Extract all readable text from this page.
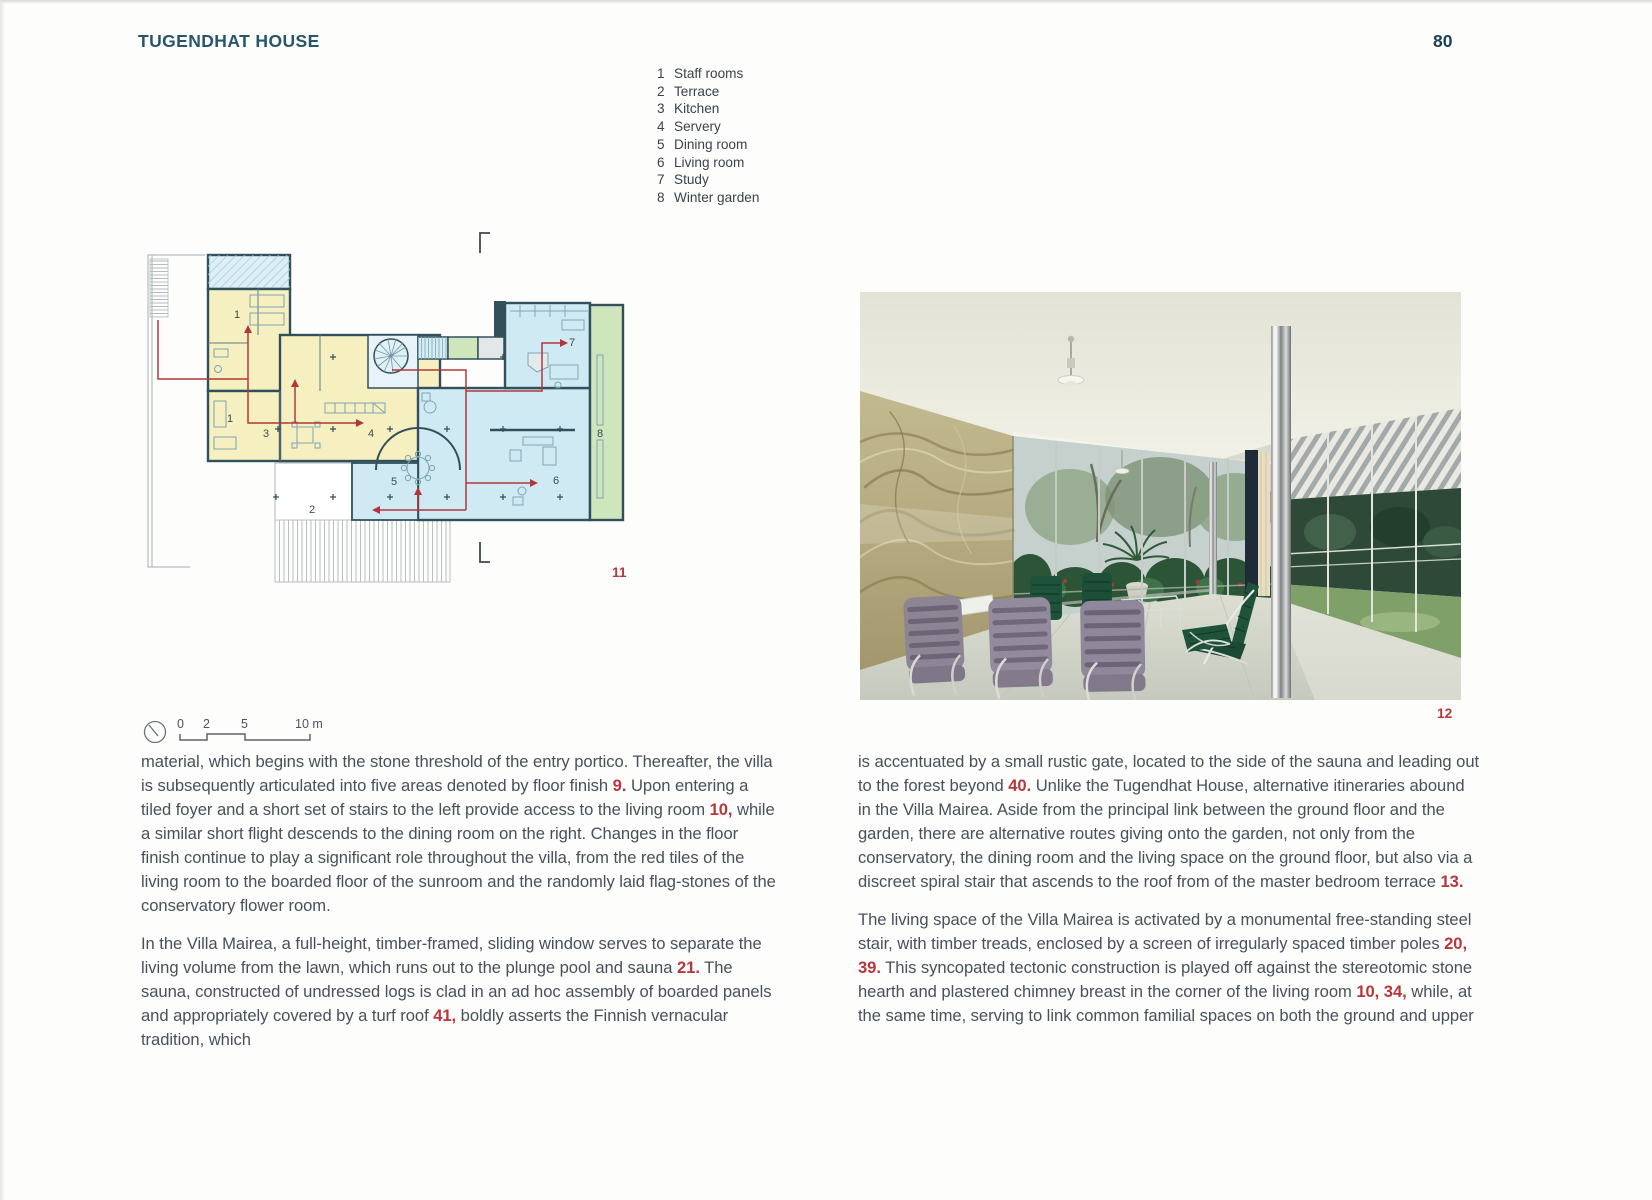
TUGENDHAT HOUSE	80
1 Staff rooms
2 Terrace
3 Kitchen
4 Servery
5 Dining room
6 Living room
7 Study
8 Winter garden
1
1
3	4
5
2
6
7
8
11
0 2 5	10 m
12

material, which begins with the stone threshold of the entry portico. Thereafter, the villa is subsequently articulated into five areas denoted by floor finish 9. Upon entering a tiled foyer and a short set of stairs to the left provide access to the living room 10, while a similar short flight descends to the dining room on the right. Changes in the floor finish continue to play a significant role throughout the villa, from the red tiles of the living room to the boarded floor of the sunroom and the randomly laid flag-stones of the conservatory flower room.

In the Villa Mairea, a full-height, timber-framed, sliding window serves to separate the living volume from the lawn, which runs out to the plunge pool and sauna 21. The sauna, constructed of undressed logs is clad in an ad hoc assembly of boarded panels and appropriately covered by a turf roof 41, boldly asserts the Finnish vernacular tradition, which

is accentuated by a small rustic gate, located to the side of the sauna and leading out to the forest beyond 40. Unlike the Tugendhat House, alternative itineraries abound in the Villa Mairea. Aside from the principal link between the ground floor and the garden, there are alternative routes giving onto the garden, not only from the conservatory, the dining room and the living space on the ground floor, but also via a discreet spiral stair that ascends to the roof from of the master bedroom terrace 13.

The living space of the Villa Mairea is activated by a monumental free-standing steel stair, with timber treads, enclosed by a screen of irregularly spaced timber poles 20, 39. This syncopated tectonic construction is played off against the stereotomic stone hearth and plastered chimney breast in the corner of the living room 10, 34, while, at the same time, serving to link common familial spaces on both the ground and upper
